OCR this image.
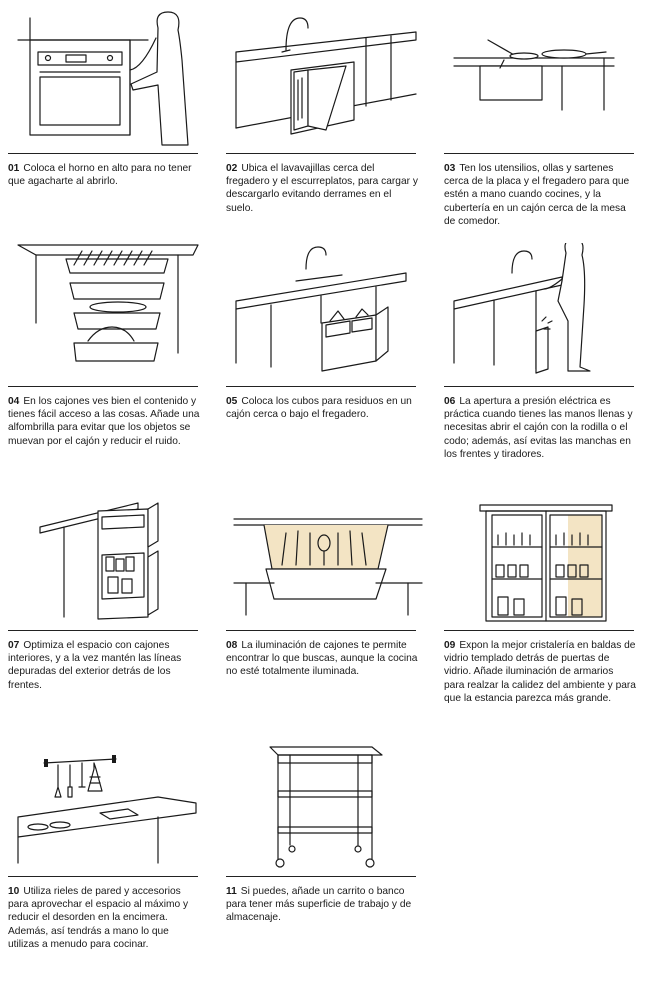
01 Coloca el horno en alto para no tener que agacharte al abrirlo.
02 Ubica el lavavajillas cerca del fregadero y el escurreplatos, para cargar y descargarlo evitando derrames en el suelo.
03 Ten los utensilios, ollas y sartenes cerca de la placa y el fregadero para que estén a mano cuando cocines, y la cubertería en un cajón cerca de la mesa de comedor.
04 En los cajones ves bien el contenido y tienes fácil acceso a las cosas. Añade una alfombrilla para evitar que los objetos se muevan por el cajón y reducir el ruido.
05 Coloca los cubos para residuos en un cajón cerca o bajo el fregadero.
06 La apertura a presión eléctrica es práctica cuando tienes las manos llenas y necesitas abrir el cajón con la rodilla o el codo; además, así evitas las manchas en los frentes y tiradores.
07 Optimiza el espacio con cajones interiores, y a la vez mantén las líneas depuradas del exterior detrás de los frentes.
08 La iluminación de cajones te permite encontrar lo que buscas, aunque la cocina no esté totalmente iluminada.
09 Expon la mejor cristalería en baldas de vidrio templado detrás de puertas de vidrio. Añade iluminación de armarios para realzar la calidez del ambiente y para que la estancia parezca más grande.
10 Utiliza rieles de pared y accesorios para aprovechar el espacio al máximo y reducir el desorden en la encimera. Además, así tendrás a mano lo que utilizas a menudo para cocinar.
11 Si puedes, añade un carrito o banco para tener más superficie de trabajo y de almacenaje.
